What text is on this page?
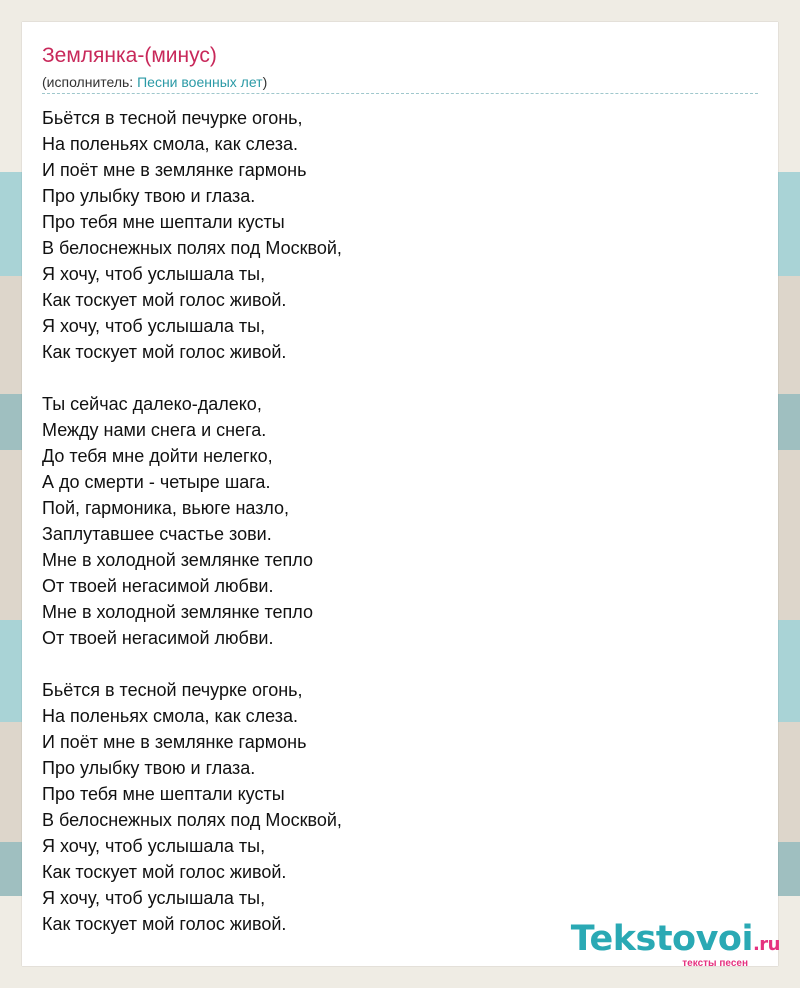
Землянка-(минус)
(исполнитель: Песни военных лет)
Бьётся в тесной печурке огонь,
На поленьях смола, как слеза.
И поёт мне в землянке гармонь
Про улыбку твою и глаза.
Про тебя мне шептали кусты
В белоснежных полях под Москвой,
Я хочу, чтоб услышала ты,
Как тоскует мой голос живой.
Я хочу, чтоб услышала ты,
Как тоскует мой голос живой.
Ты сейчас далеко-далеко,
Между нами снега и снега.
До тебя мне дойти нелегко,
А до смерти - четыре шага.
Пой, гармоника, вьюге назло,
Заплутавшее счастье зови.
Мне в холодной землянке тепло
От твоей негасимой любви.
Мне в холодной землянке тепло
От твоей негасимой любви.
Бьётся в тесной печурке огонь,
На поленьях смола, как слеза.
И поёт мне в землянке гармонь
Про улыбку твою и глаза.
Про тебя мне шептали кусты
В белоснежных полях под Москвой,
Я хочу, чтоб услышала ты,
Как тоскует мой голос живой.
Я хочу, чтоб услышала ты,
Как тоскует мой голос живой.	Tekstovoi.ru
тексты песен
